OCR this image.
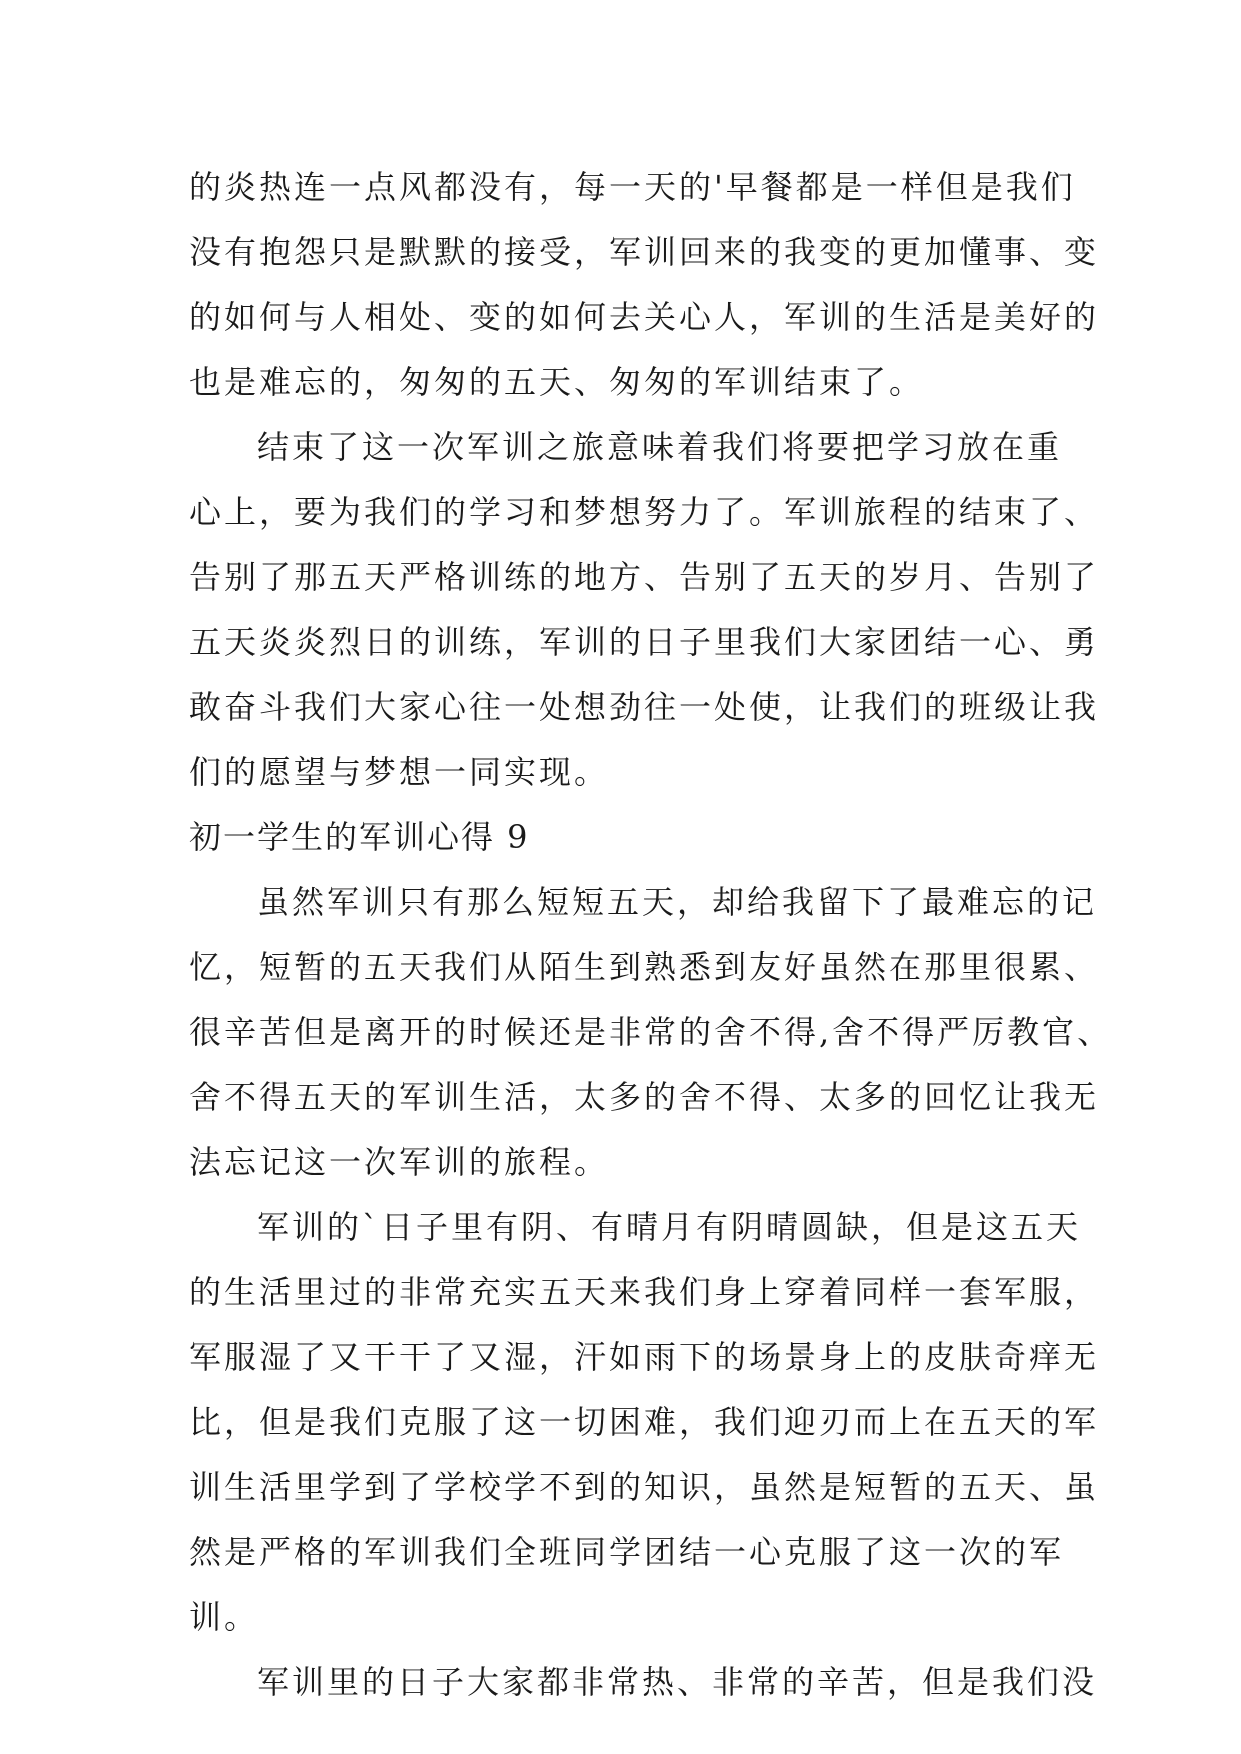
的炎热连一点风都没有，每一天的'早餐都是一样但是我们
没有抱怨只是默默的接受，军训回来的我变的更加懂事、变
的如何与人相处、变的如何去关心人，军训的生活是美好的
也是难忘的，匆匆的五天、匆匆的军训结束了。
结束了这一次军训之旅意味着我们将要把学习放在重
心上，要为我们的学习和梦想努力了。军训旅程的结束了、
告别了那五天严格训练的地方、告别了五天的岁月、告别了
五天炎炎烈日的训练，军训的日子里我们大家团结一心、勇
敢奋斗我们大家心往一处想劲往一处使，让我们的班级让我
们的愿望与梦想一同实现。
初一学生的军训心得 9
虽然军训只有那么短短五天，却给我留下了最难忘的记
忆，短暂的五天我们从陌生到熟悉到友好虽然在那里很累、
很辛苦但是离开的时候还是非常的舍不得,舍不得严厉教官、
舍不得五天的军训生活，太多的舍不得、太多的回忆让我无
法忘记这一次军训的旅程。
军训的`日子里有阴、有晴月有阴晴圆缺，但是这五天
的生活里过的非常充实五天来我们身上穿着同样一套军服，
军服湿了又干干了又湿，汗如雨下的场景身上的皮肤奇痒无
比，但是我们克服了这一切困难，我们迎刃而上在五天的军
训生活里学到了学校学不到的知识，虽然是短暂的五天、虽
然是严格的军训我们全班同学团结一心克服了这一次的军
训。
军训里的日子大家都非常热、非常的辛苦，但是我们没
